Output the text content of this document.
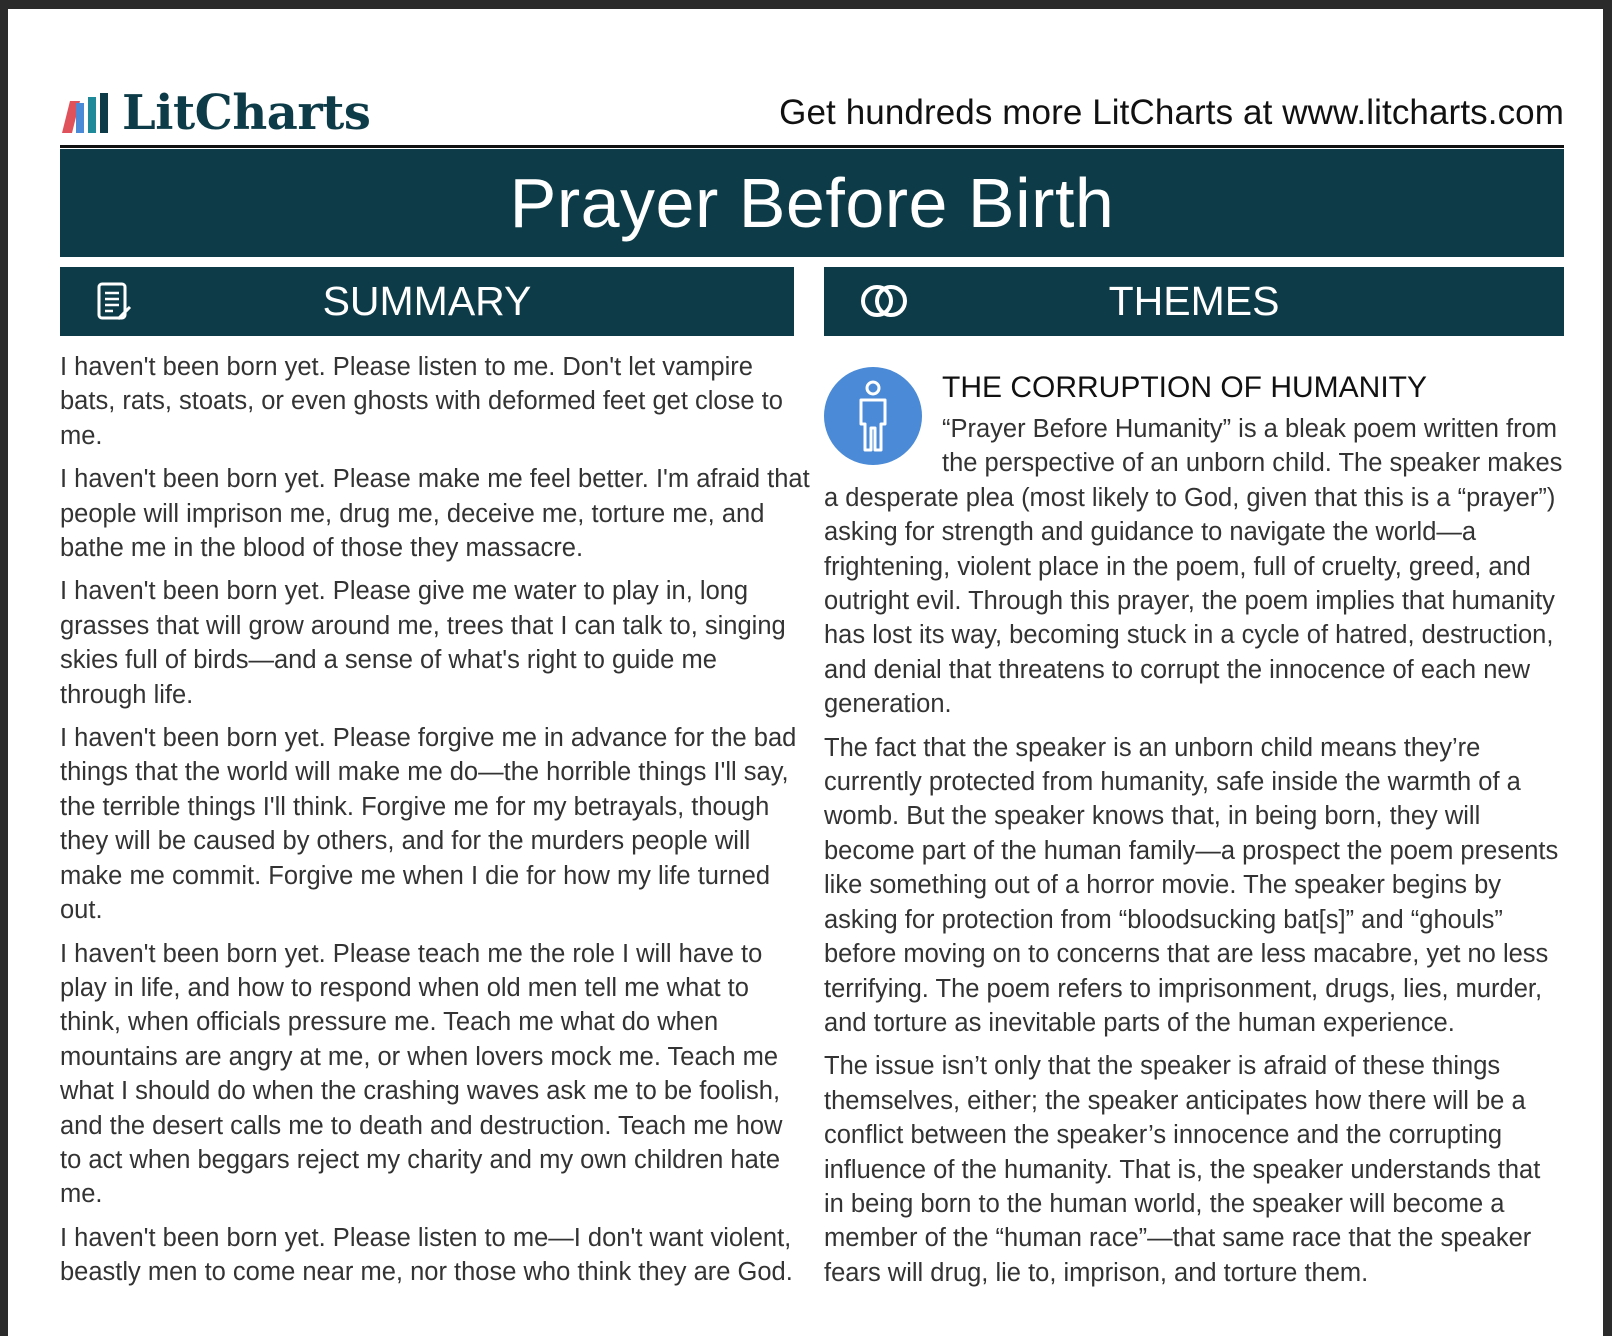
LitCharts	Get hundreds more LitCharts at www.litcharts.com
Prayer Before Birth
SUMMARY	THEMES

I haven't been born yet. Please listen to me. Don't let vampire bats, rats, stoats, or even ghosts with deformed feet get close to me.

I haven't been born yet. Please make me feel better. I'm afraid that people will imprison me, drug me, deceive me, torture me, and bathe me in the blood of those they massacre.

I haven't been born yet. Please give me water to play in, long grasses that will grow around me, trees that I can talk to, singing skies full of birds—and a sense of what's right to guide me through life.

I haven't been born yet. Please forgive me in advance for the bad things that the world will make me do—the horrible things I'll say, the terrible things I'll think. Forgive me for my betrayals, though they will be caused by others, and for the murders people will make me commit. Forgive me when I die for how my life turned out.

I haven't been born yet. Please teach me the role I will have to play in life, and how to respond when old men tell me what to think, when officials pressure me. Teach me what do when mountains are angry at me, or when lovers mock me. Teach me what I should do when the crashing waves ask me to be foolish, and the desert calls me to death and destruction. Teach me how to act when beggars reject my charity and my own children hate me.

I haven't been born yet. Please listen to me—I don't want violent, beastly men to come near me, nor those who think they are God.

THE CORRUPTION OF HUMANITY

“Prayer Before Humanity” is a bleak poem written from the perspective of an unborn child. The speaker makes a desperate plea (most likely to God, given that this is a “prayer”) asking for strength and guidance to navigate the world—a frightening, violent place in the poem, full of cruelty, greed, and outright evil. Through this prayer, the poem implies that humanity has lost its way, becoming stuck in a cycle of hatred, destruction, and denial that threatens to corrupt the innocence of each new generation.

The fact that the speaker is an unborn child means they’re currently protected from humanity, safe inside the warmth of a womb. But the speaker knows that, in being born, they will become part of the human family—a prospect the poem presents like something out of a horror movie. The speaker begins by asking for protection from “bloodsucking bat[s]” and “ghouls” before moving on to concerns that are less macabre, yet no less terrifying. The poem refers to imprisonment, drugs, lies, murder, and torture as inevitable parts of the human experience.

The issue isn’t only that the speaker is afraid of these things themselves, either; the speaker anticipates how there will be a conflict between the speaker’s innocence and the corrupting influence of the humanity. That is, the speaker understands that in being born to the human world, the speaker will become a member of the “human race”—that same race that the speaker fears will drug, lie to, imprison, and torture them.
